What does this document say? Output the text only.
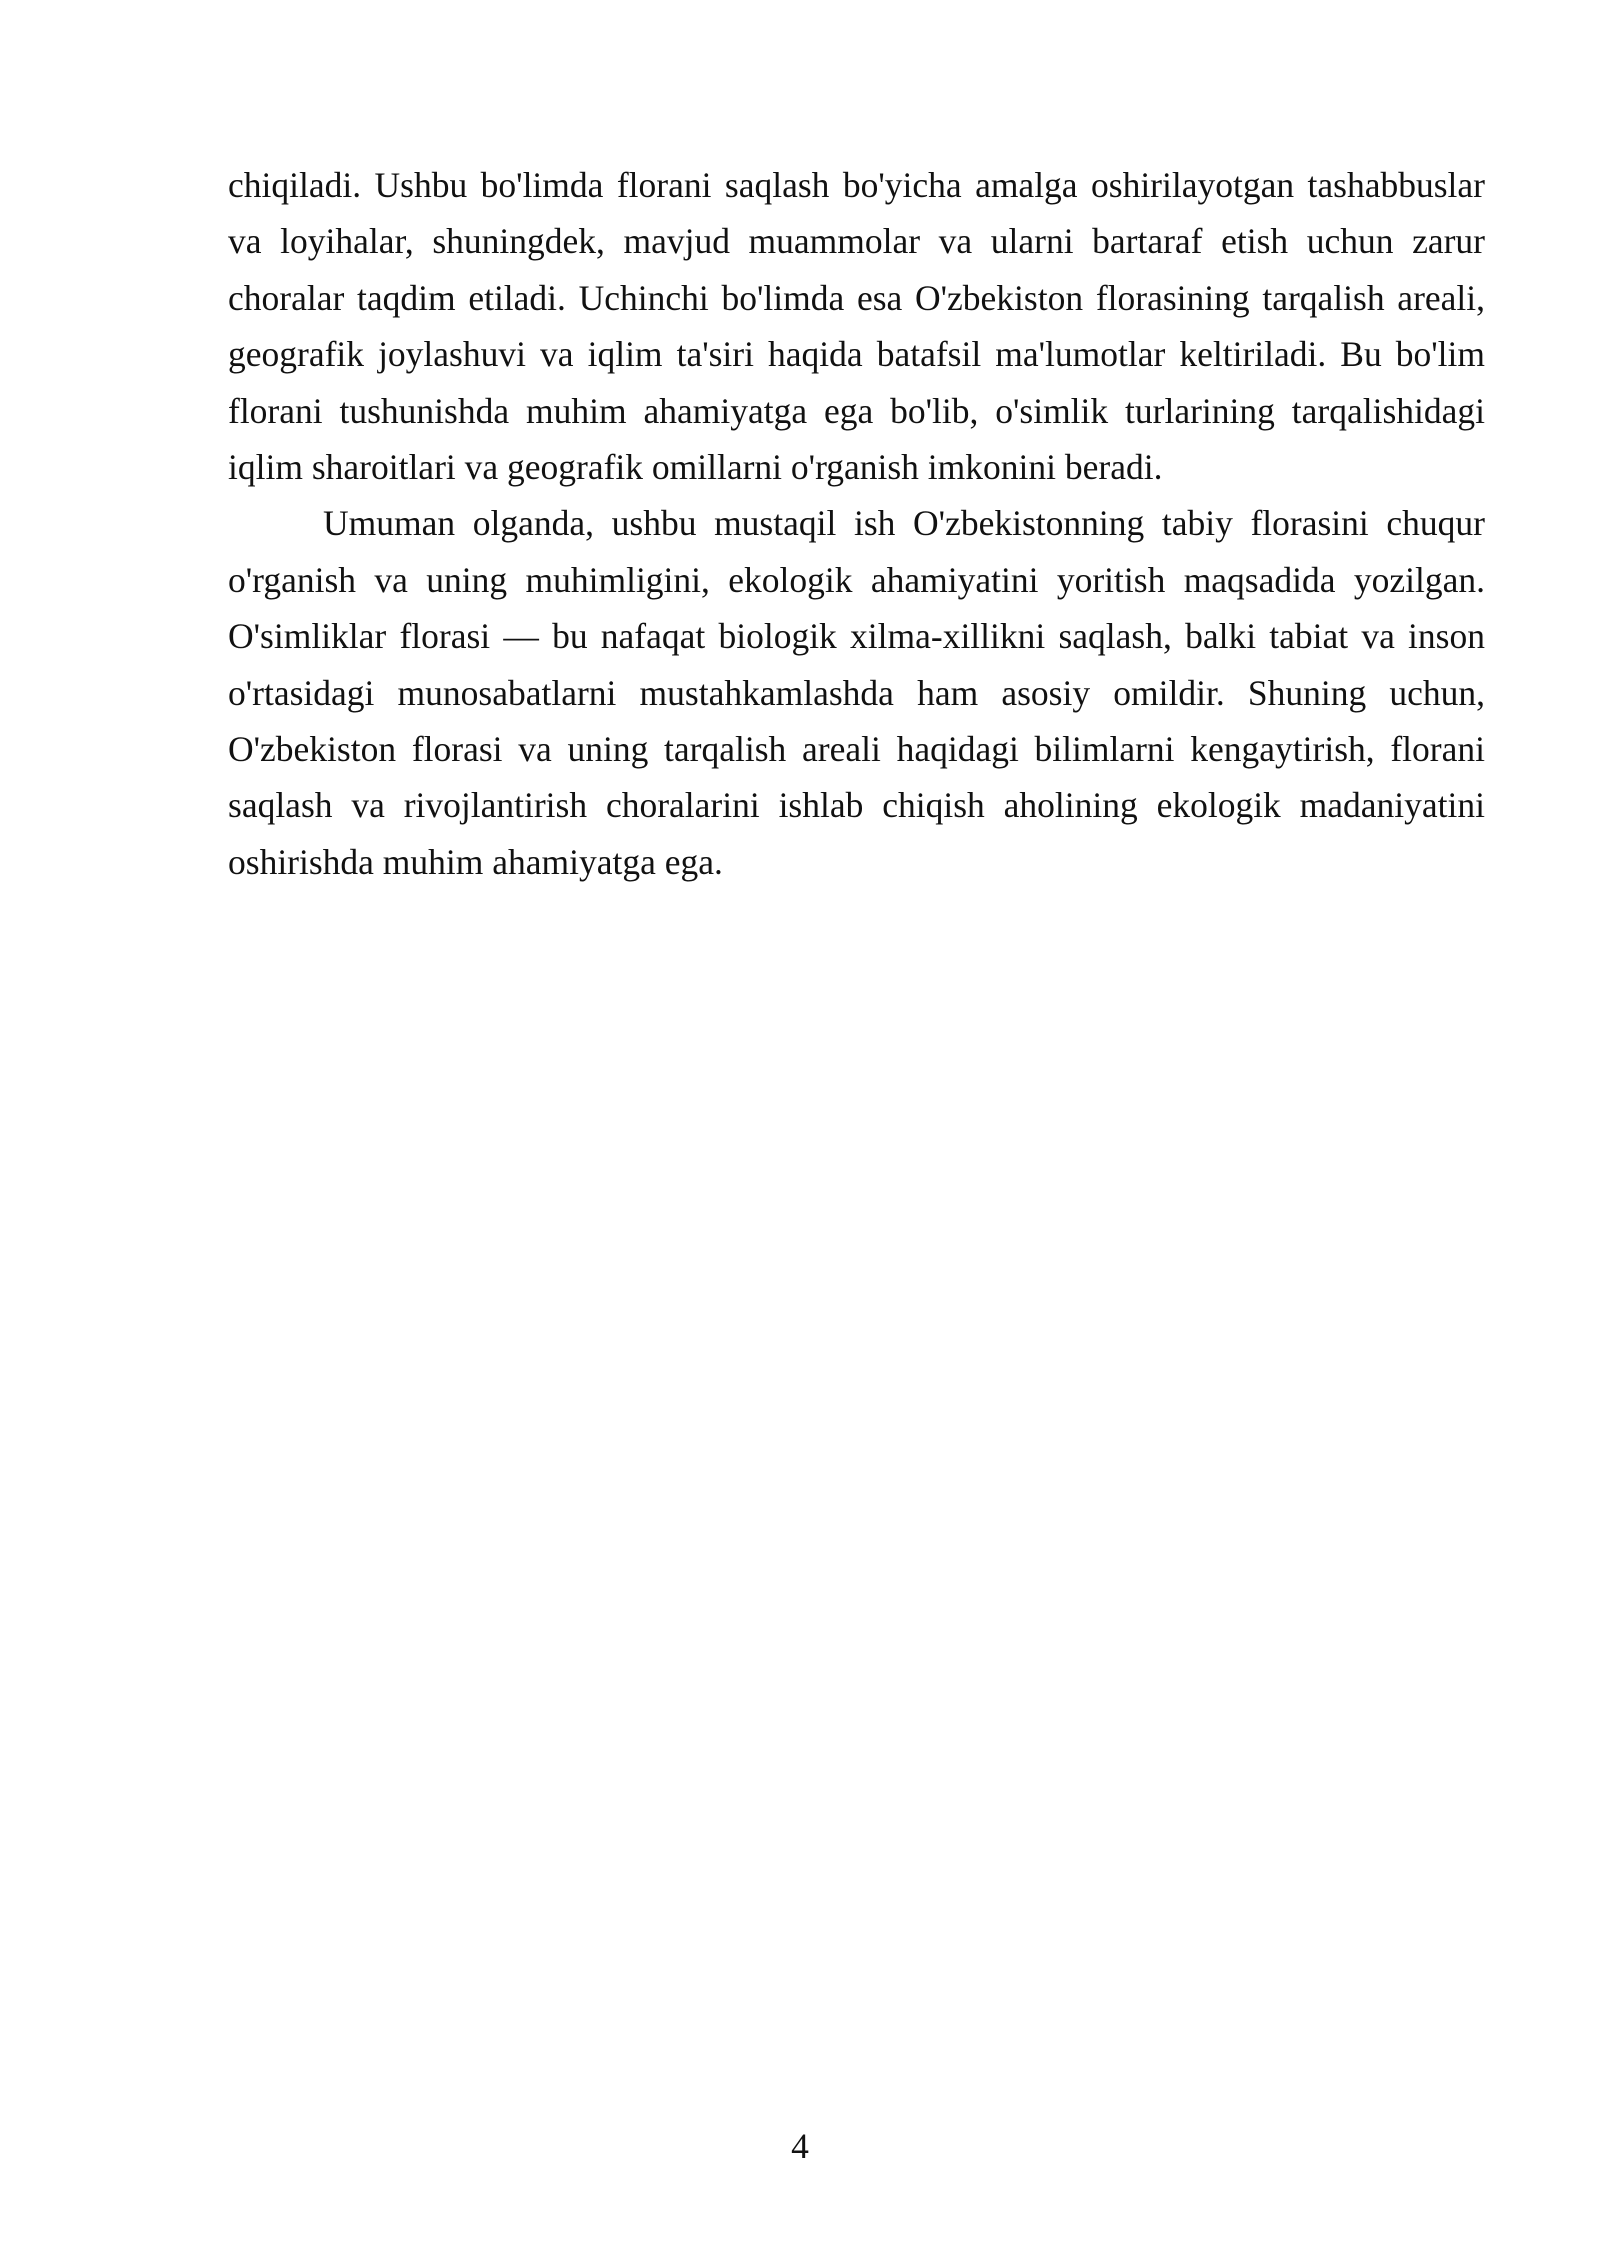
chiqiladi. Ushbu bo'limda florani saqlash bo'yicha amalga oshirilayotgan tashabbuslar va loyihalar, shuningdek, mavjud muammolar va ularni bartaraf etish uchun zarur choralar taqdim etiladi. Uchinchi bo'limda esa O'zbekiston florasining tarqalish areali, geografik joylashuvi va iqlim ta'siri haqida batafsil ma'lumotlar keltiriladi. Bu bo'lim florani tushunishda muhim ahamiyatga ega bo'lib, o'simlik turlarining tarqalishidagi iqlim sharoitlari va geografik omillarni o'rganish imkonini beradi.

Umuman olganda, ushbu mustaqil ish O'zbekistonning tabiy florasini chuqur o'rganish va uning muhimligini, ekologik ahamiyatini yoritish maqsadida yozilgan. O'simliklar florasi — bu nafaqat biologik xilma-xillikni saqlash, balki tabiat va inson o'rtasidagi munosabatlarni mustahkamlashda ham asosiy omildir. Shuning uchun, O'zbekiston florasi va uning tarqalish areali haqidagi bilimlarni kengaytirish, florani saqlash va rivojlantirish choralarini ishlab chiqish aholining ekologik madaniyatini oshirishda muhim ahamiyatga ega.

4
